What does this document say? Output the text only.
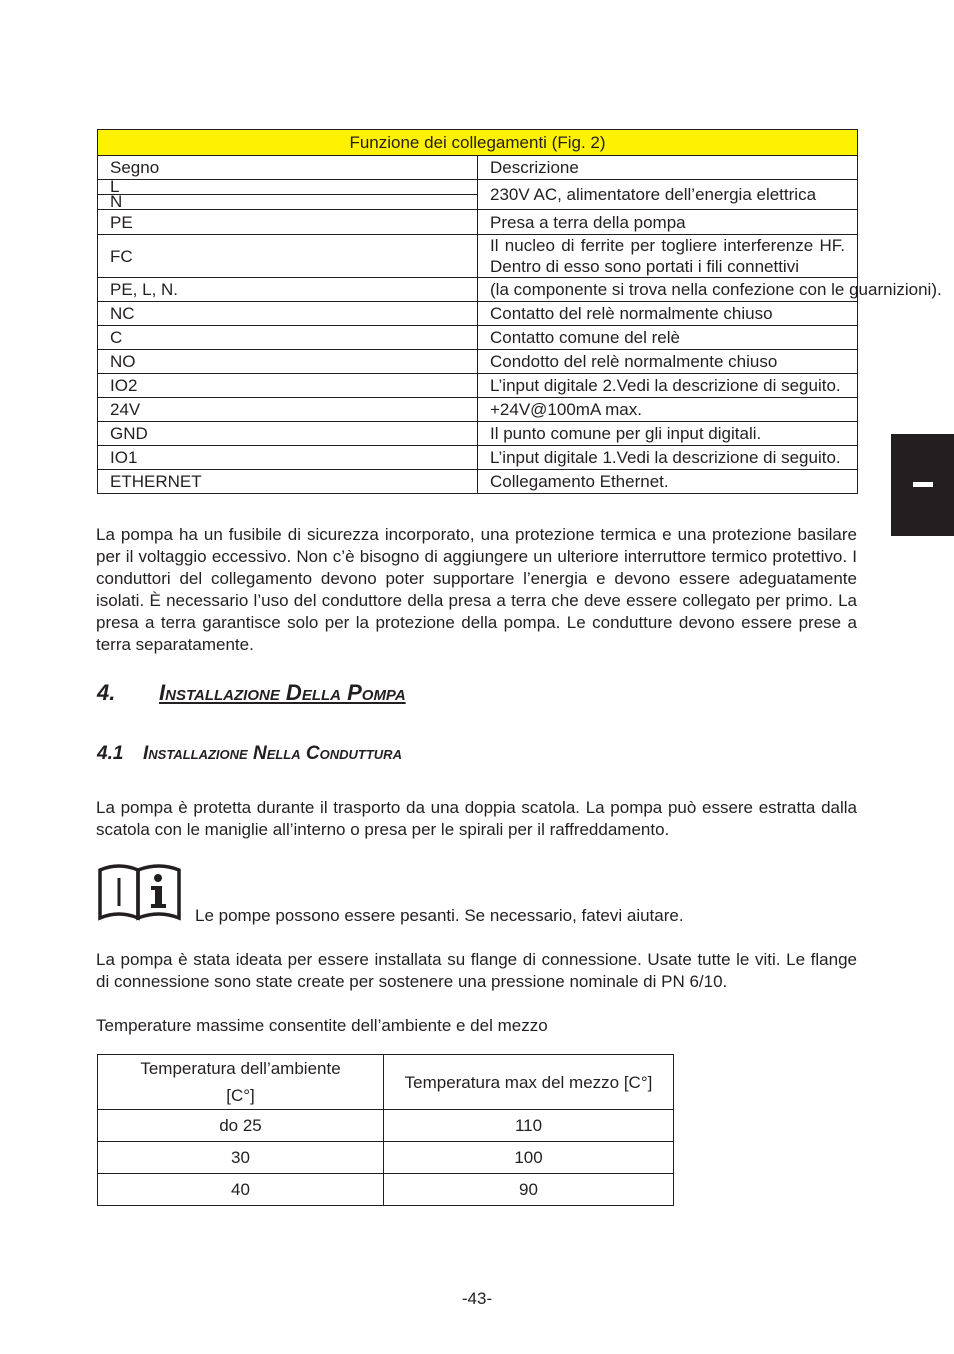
Funzione dei collegamenti (Fig. 2)	
Segno	Descrizione

L
N	230V AC, alimentatore dell’energia elettrica
PE	Presa a terra della pompa
FC	Il nucleo di ferrite per togliere interferenze HF. Dentro di esso sono portati i fili connettivi
PE, L, N.	(la componente si trova nella confezione con le guarnizioni).
NC	Contatto del relè normalmente chiuso
C	Contatto comune del relè
NO	Condotto del relè normalmente chiuso
IO2	L’input digitale 2.Vedi la descrizione di seguito.
24V	+24V@100mA max.
GND	Il punto comune per gli input digitali.
IO1	L’input digitale 1.Vedi la descrizione di seguito.
ETHERNET	Collegamento Ethernet.

La pompa ha un fusibile di sicurezza incorporato, una protezione termica e una protezione basilare per il voltaggio eccessivo. Non c’è bisogno di aggiungere un ulteriore interruttore termico protettivo. I conduttori del collegamento devono poter supportare l’energia e devono essere adeguatamente isolati. È necessario l’uso del conduttore della presa a terra che deve essere collegato per primo. La presa a terra garantisce solo per la protezione della pompa. Le condutture devono essere prese a terra separatamente.

4. Installazione Della Pompa
4.1 Installazione Nella Conduttura

La pompa è protetta durante il trasporto da una doppia scatola. La pompa può essere estratta dalla scatola con le maniglie all’interno o presa per le spirali per il raffreddamento.

Le pompe possono essere pesanti. Se necessario, fatevi aiutare.

La pompa è stata ideata per essere installata su flange di connessione. Usate tutte le viti. Le flange di connessione sono state create per sostenere una pressione nominale di PN 6/10.

Temperature massime consentite dell’ambiente e del mezzo

Temperatura dell’ambiente
[C°]	Temperatura max del mezzo [C°]
do 25	110
30	100
40	90
-43-
